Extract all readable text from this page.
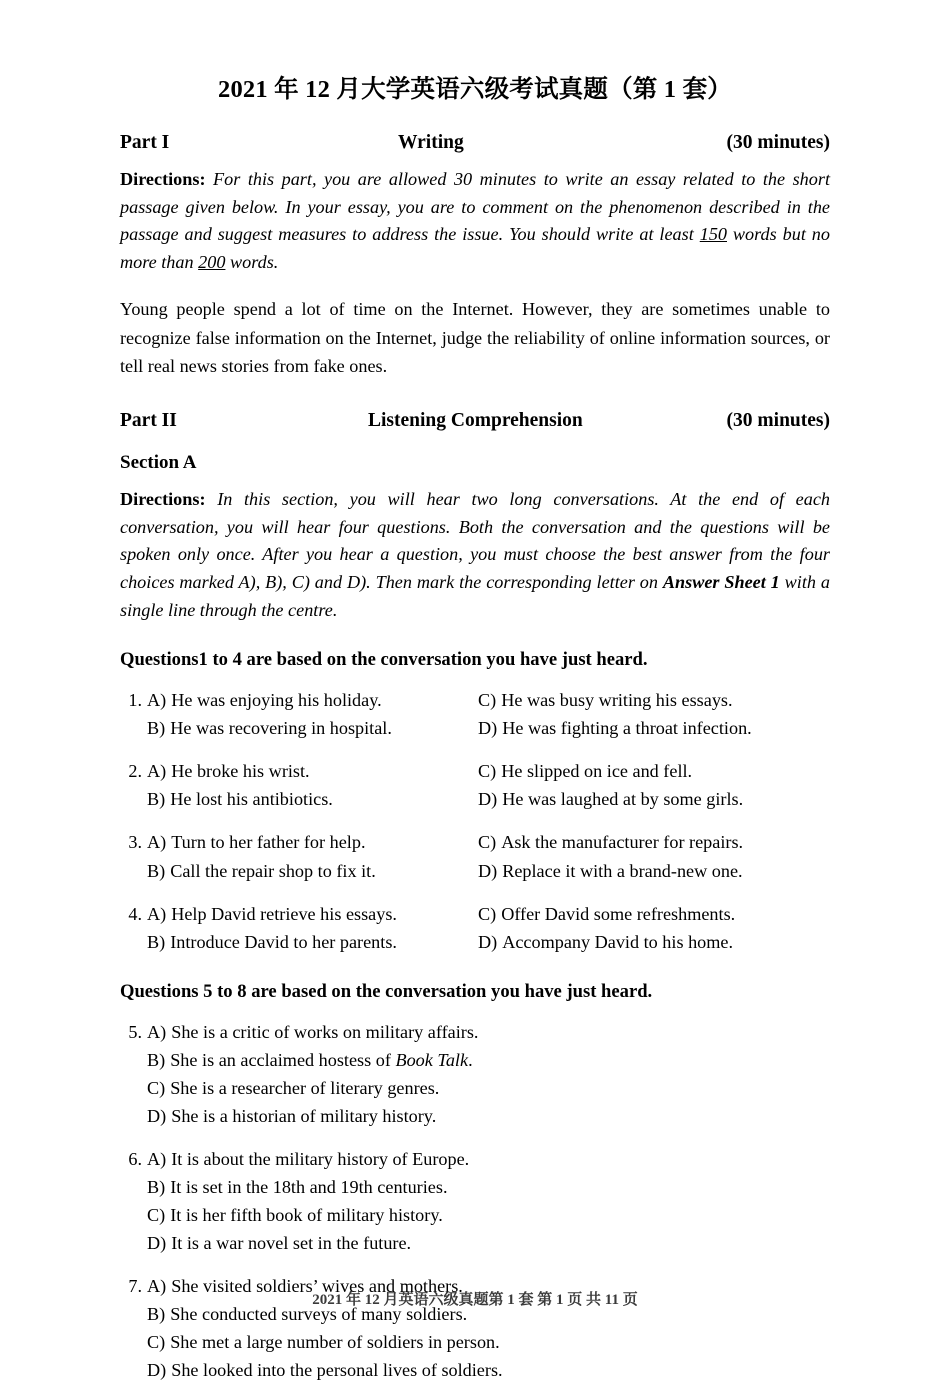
2021 年 12 月大学英语六级考试真题（第 1 套）
Part I	Writing	(30 minutes)

Directions: For this part, you are allowed 30 minutes to write an essay related to the short passage given below. In your essay, you are to comment on the phenomenon described in the passage and suggest measures to address the issue. You should write at least 150 words but no more than 200 words.

Young people spend a lot of time on the Internet. However, they are sometimes unable to recognize false information on the Internet, judge the reliability of online information sources, or tell real news stories from fake ones.

Part II	Listening Comprehension	(30 minutes)
Section A

Directions: In this section, you will hear two long conversations. At the end of each conversation, you will hear four questions. Both the conversation and the questions will be spoken only once. After you hear a question, you must choose the best answer from the four choices marked A), B), C) and D). Then mark the corresponding letter on Answer Sheet 1 with a single line through the centre.

Questions1 to 4 are based on the conversation you have just heard.
1. A) He was enjoying his holiday.	C) He was busy writing his essays.
B) He was recovering in hospital.	D) He was fighting a throat infection.
2. A) He broke his wrist.	C) He slipped on ice and fell.
B) He lost his antibiotics.	D) He was laughed at by some girls.
3. A) Turn to her father for help.	C) Ask the manufacturer for repairs.
B) Call the repair shop to fix it.	D) Replace it with a brand-new one.
4. A) Help David retrieve his essays.	C) Offer David some refreshments.
B) Introduce David to her parents.	D) Accompany David to his home.
Questions 5 to 8 are based on the conversation you have just heard.
5. A) She is a critic of works on military affairs.
B) She is an acclaimed hostess of Book Talk.
C) She is a researcher of literary genres.
D) She is a historian of military history.
6. A) It is about the military history of Europe.
B) It is set in the 18th and 19th centuries.
C) It is her fifth book of military history.
D) It is a war novel set in the future.
7. A) She visited soldiers’ wives and mothers.
B) She conducted surveys of many soldiers.
C) She met a large number of soldiers in person.
D) She looked into the personal lives of soldiers.
2021 年 12 月英语六级真题第 1 套 第 1 页 共 11 页
